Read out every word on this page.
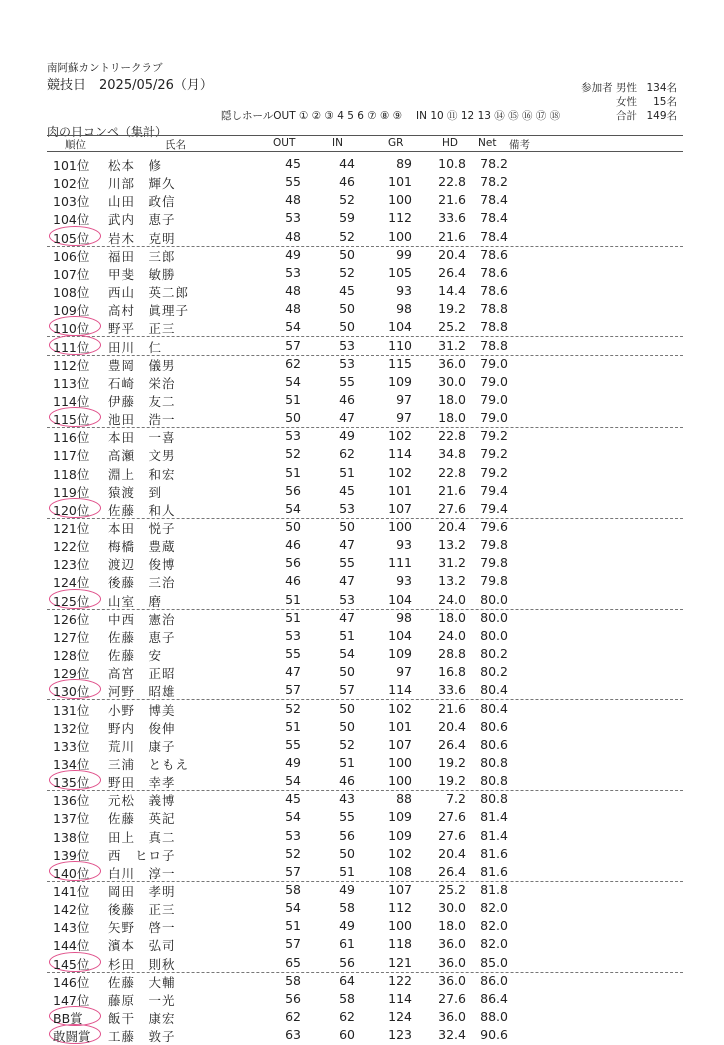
南阿蘇カントリークラブ
競技日　2025/05/26（月）	参加者 男性 134名
女性 15名
合計 149名
隠しホールOUT ① ② ③ 4 5 6 ⑦ ⑧ ⑨　 IN 10 ⑪ 12 13 ⑭ ⑮ ⑯ ⑰ ⑱
肉の日コンペ（集計）
順位	氏名	OUT	IN	GR	HD Net 備考
101位 松本　修	45	44	89	10.8	78.2
102位 川部　輝久	55	46	101	22.8	78.2
103位 山田　政信	48	52	100	21.6	78.4
104位 武内　恵子	53	59	112	33.6	78.4
105位 岩木　克明	48	52	100	21.6	78.4
106位 福田　三郎	49	50	99	20.4	78.6
107位 甲斐　敏勝	53	52	105	26.4	78.6
108位 西山　英二郎	48	45	93	14.4	78.6
109位 高村　眞理子	48	50	98	19.2	78.8
110位 野平　正三	54	50	104	25.2	78.8
111位 田川　仁	57	53	110	31.2	78.8
112位 豊岡　儀男	62	53	115	36.0	79.0
113位 石崎　栄治	54	55	109	30.0	79.0
114位 伊藤　友二	51	46	97	18.0	79.0
115位 池田　浩一	50	47	97	18.0	79.0
116位 本田　一喜	53	49	102	22.8	79.2
117位 高瀬　文男	52	62	114	34.8	79.2
118位 淵上　和宏	51	51	102	22.8	79.2
119位 猿渡　到	56	45	101	21.6	79.4
120位 佐藤　和人	54	53	107	27.6	79.4
121位 本田　悦子	50	50	100	20.4	79.6
122位 梅橋　豊蔵	46	47	93	13.2	79.8
123位 渡辺　俊博	56	55	111	31.2	79.8
124位 後藤　三治	46	47	93	13.2	79.8
125位 山室　磨	51	53	104	24.0	80.0
126位 中西　憲治	51	47	98	18.0	80.0
127位 佐藤　恵子	53	51	104	24.0	80.0
128位 佐藤　安	55	54	109	28.8	80.2
129位 高宮　正昭	47	50	97	16.8	80.2
130位 河野　昭雄	57	57	114	33.6	80.4
131位 小野　博美	52	50	102	21.6	80.4
132位 野内　俊伸	51	50	101	20.4	80.6
133位 荒川　康子	55	52	107	26.4	80.6
134位 三浦　ともえ	49	51	100	19.2	80.8
135位 野田　幸孝	54	46	100	19.2	80.8
136位 元松　義博	45	43	88	7.2	80.8
137位 佐藤　英記	54	55	109	27.6	81.4
138位 田上　真二	53	56	109	27.6	81.4
139位 西　ヒロ子	52	50	102	20.4	81.6
140位 白川　淳一	57	51	108	26.4	81.6
141位 岡田　孝明	58	49	107	25.2	81.8
142位 後藤　正三	54	58	112	30.0	82.0
143位 矢野　啓一	51	49	100	18.0	82.0
144位 濱本　弘司	57	61	118	36.0	82.0
145位 杉田　則秋	65	56	121	36.0	85.0
146位 佐藤　大輔	58	64	122	36.0	86.0
147位 藤原　一光	56	58	114	27.6	86.4
BB賞 飯干　康宏	62	62	124	36.0	88.0
敢闘賞 工藤　敦子	63	60	123	32.4	90.6
